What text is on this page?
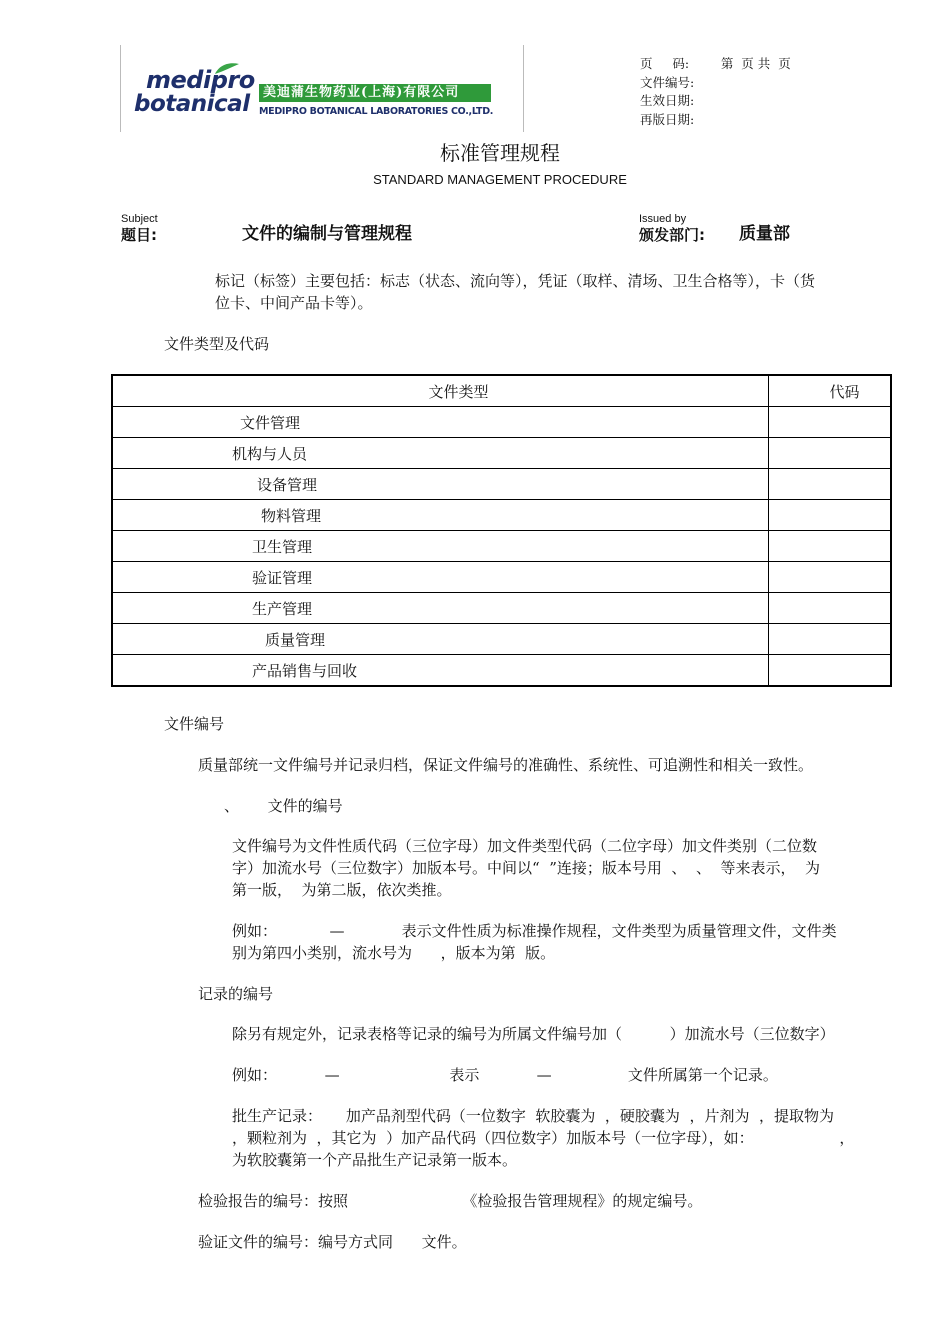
medipro
botanical	美迪蒲生物药业(上海)有限公司
MEDIPRO BOTANICAL LABORATORIES CO.,LTD.
页     码:        第  页 共  页
文件编号:
生效日期:
再版日期:
标准管理规程
STANDARD MANAGEMENT PROCEDURE
Subject
题目:	文件的编制与管理规程
Issued by
颁发部门: 质量部
标记（标签）主要包括：标志（状态、流向等），凭证（取样、清场、卫生合格等），卡（货
位卡、中间产品卡等）。
文件类型及代码
文件类型	代码
文件管理	
机构与人员	
设备管理	
物料管理	
卫生管理	
验证管理	
生产管理	
质量管理	
产品销售与回收	
文件编号
质量部统一文件编号并记录归档，保证文件编号的准确性、系统性、可追溯性和相关一致性。
、      文件的编号
文件编号为文件性质代码（三位字母）加文件类型代码（二位字母）加文件类别（二位数
字）加流水号（三位数字）加版本号。中间以“  ”连接；版本号用  、  、  等来表示，  为
第一版，  为第二版，依次类推。
例如：           —            表示文件性质为标准操作规程，文件类型为质量管理文件，文件类
别为第四小类别，流水号为      ，版本为第  版。
记录的编号
除另有规定外，记录表格等记录的编号为所属文件编号加（          ）加流水号（三位数字）
例如：          —                       表示            —                文件所属第一个记录。
批生产记录：     加产品剂型代码（一位数字  软胶囊为  ，硬胶囊为  ，片剂为  ，提取物为
，颗粒剂为  ，其它为  ）加产品代码（四位数字）加版本号（一位字母），如：                  ，
为软胶囊第一个产品批生产记录第一版本。
检验报告的编号：按照                        《检验报告管理规程》的规定编号。
验证文件的编号：编号方式同      文件。
